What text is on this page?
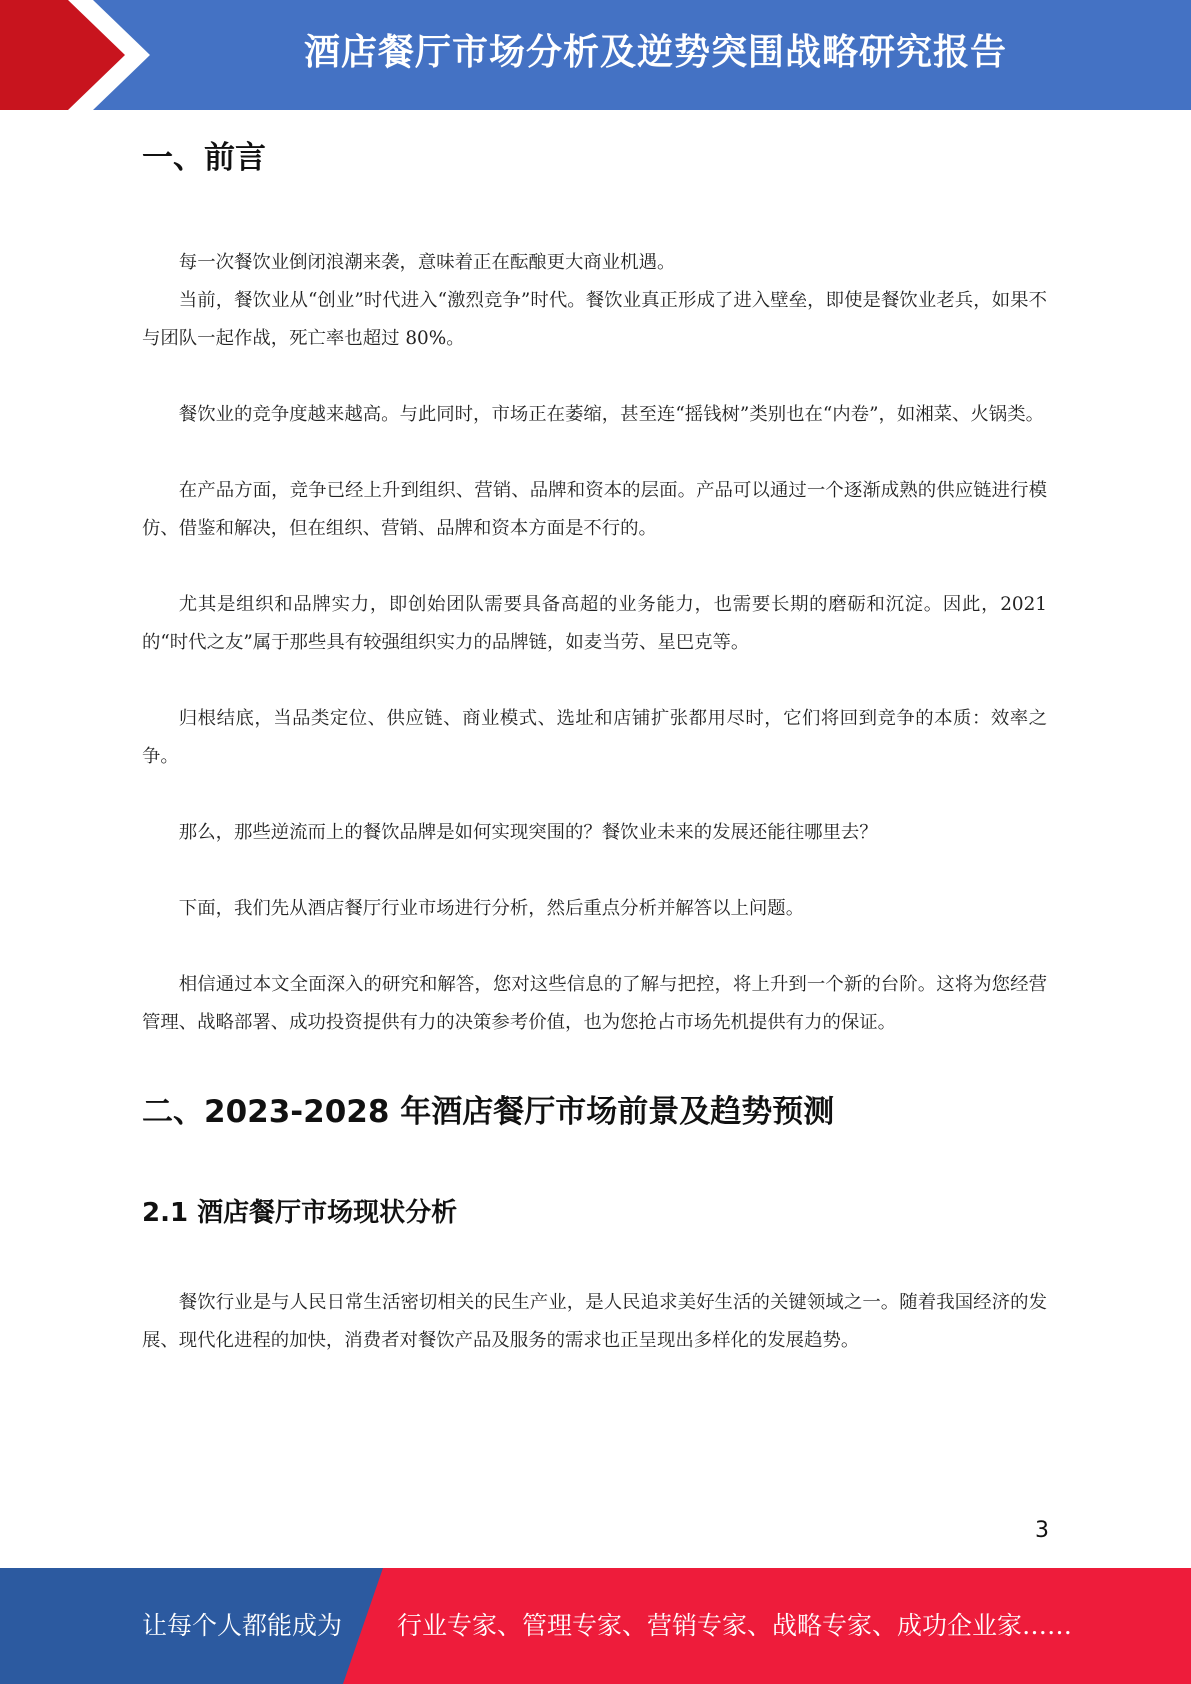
酒店餐厅市场分析及逆势突围战略研究报告
一、前言

每一次餐饮业倒闭浪潮来袭，意味着正在酝酿更大商业机遇。

当前，餐饮业从“创业”时代进入“激烈竞争”时代。餐饮业真正形成了进入壁垒，即使是餐饮业老兵，如果不与团队一起作战，死亡率也超过 80%。

餐饮业的竞争度越来越高。与此同时，市场正在萎缩，甚至连“摇钱树”类别也在“内卷”，如湘菜、火锅类。

在产品方面，竞争已经上升到组织、营销、品牌和资本的层面。产品可以通过一个逐渐成熟的供应链进行模仿、借鉴和解决，但在组织、营销、品牌和资本方面是不行的。

尤其是组织和品牌实力，即创始团队需要具备高超的业务能力，也需要长期的磨砺和沉淀。因此，2021 的“时代之友”属于那些具有较强组织实力的品牌链，如麦当劳、星巴克等。

归根结底，当品类定位、供应链、商业模式、选址和店铺扩张都用尽时，它们将回到竞争的本质：效率之争。

那么，那些逆流而上的餐饮品牌是如何实现突围的？餐饮业未来的发展还能往哪里去？

下面，我们先从酒店餐厅行业市场进行分析，然后重点分析并解答以上问题。

相信通过本文全面深入的研究和解答，您对这些信息的了解与把控，将上升到一个新的台阶。这将为您经营管理、战略部署、成功投资提供有力的决策参考价值，也为您抢占市场先机提供有力的保证。

二、2023-2028 年酒店餐厅市场前景及趋势预测
2.1 酒店餐厅市场现状分析

餐饮行业是与人民日常生活密切相关的民生产业，是人民追求美好生活的关键领域之一。随着我国经济的发展、现代化进程的加快，消费者对餐饮产品及服务的需求也正呈现出多样化的发展趋势。

3
让每个人都能成为 行业专家、管理专家、营销专家、战略专家、成功企业家……
